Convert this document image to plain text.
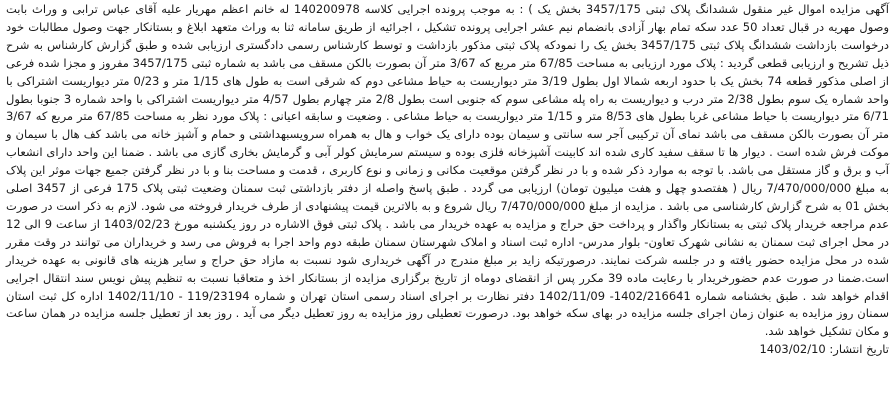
آگهی مزایده اموال غیر منقول ششدانگ پلاک ثبتی 3457/175 بخش یک ) : به موجب پرونده اجرایی کلاسه 140200978 له خانم اعظم مهریار علیه آقای عباس ترابی و وراث بابت وصول مهریه در قبال تعداد 50 عدد سکه تمام بهار آزادی بانضمام نیم عشر اجرایی پرونده تشکیل ، اجرائیه از طریق سامانه ثنا به وراث متعهد ابلاغ و بستانکار جهت وصول مطالبات خود درخواست بازداشت ششدانگ پلاک ثبتی 3457/175 بخش یک را نمودکه پلاک ثبتی مذکور بازداشت و توسط کارشناس رسمی دادگستری ارزیابی شده و طبق گزارش کارشناس به شرح ذیل تشریح و ارزیابی قطعی گردید : پلاک مورد ارزیابی به مساحت 67/85 متر مربع که 3/67 متر آن بصورت بالکن مسقف می باشد به شماره ثبتی 3457/175 مفروز و مجزا شده فرعی از اصلی مذکور قطعه 74 بخش یک با حدود اربعه شمالا اول بطول 3/19 متر دیواریست به حیاط مشاعی دوم که شرقی است به طول های 1/15 متر و 0/23 متر دیواریست اشتراکی با واحد شماره یک سوم بطول 2/38 متر درب و دیواریست به راه پله مشاعی سوم که جنوبی است بطول 2/8 متر چهارم بطول 4/57 متر دیواریست اشتراکی با واحد شماره 3 جنوبا بطول 6/71 متر دیواریست با حیاط مشاعی غربا بطول های 8/53 متر و 1/15 متر دیواریست به حیاط مشاعی . وضعیت و سابقه اعیانی : پلاک مورد نظر به مساحت 67/85 متر مربع که 3/67 متر آن بصورت بالکن مسقف می باشد نمای آن ترکیبی آجر سه سانتی و سیمان بوده دارای یک خواب و هال به همراه سرویسبهداشتی و حمام و آشپز خانه می باشد کف هال با سیمان و موکت فرش شده است . دیوار ها تا سقف سفید کاری شده اند کابینت آشپزخانه فلزی بوده و سیستم سرمایش کولر آبی و گرمایش بخاری گازی می باشد . ضمنا این واحد دارای انشعاب آب و برق و گاز مستقل می باشد. با توجه به موارد ذکر شده و با در نظر گرفتن موقعیت مکانی و زمانی و نوع کاربری ، قدمت و مساحت بنا و با در نظر گرفتن جمیع جهات موثر این پلاک به مبلغ 7/470/000/000 ریال ( هفتصدو چهل و هفت میلیون تومان) ارزیابی می گردد . طبق پاسخ واصله از دفتر بازداشتی ثبت سمنان وضعیت ثبتی پلاک 175 فرعی از 3457 اصلی بخش 01 به شرح گزارش کارشناسی می باشد . مزایده از مبلغ 7/470/000/000 ریال شروع و به بالاترین قیمت پیشنهادی از طرف خریدار فروخته می شود. لازم به ذکر است در صورت عدم مراجعه خریدار پلاک ثبتی به بستانکار واگذار و پرداخت حق حراج و مزایده به عهده خریدار می باشد . پلاک ثبتی فوق الاشاره در روز یکشنبه مورخ 1403/02/23 از ساعت 9 الی 12 در محل اجرای ثبت سمنان به نشانی شهرک تعاون- بلوار مدرس- اداره ثبت اسناد و املاک شهرستان سمنان طبقه دوم واحد اجرا به فروش می رسد و خریداران می توانند در وقت مقرر شده در محل مزایده حضور یافته و در جلسه شرکت نمایند. درصورتیکه زاید بر مبلغ مندرج در آگهی خریداری شود نسبت به مازاد حق حراج و سایر هزینه های قانونی به عهده خریدار است.ضمنا در صورت عدم حضورخریدار با رعایت ماده 39 مکرر پس از انقضای دوماه از تاریخ برگزاری مزایده از بستانکار اخذ و متعاقبا نسبت به تنظیم پیش نویس سند انتقال اجرایی اقدام خواهد شد . طبق بخشنامه شماره 1402/216641- 1402/11/09 دفتر نظارت بر اجرای اسناد رسمی استان تهران و شماره 119/23194 - 1402/11/10 اداره کل ثبت استان سمنان روز مزایده به عنوان زمان اجرای جلسه مزایده در بهای سکه خواهد بود. درصورت تعطیلی روز مزایده به روز تعطیل دیگر می آید . روز بعد از تعطیل جلسه مزایده در همان ساعت و مکان تشکیل خواهد شد.

تاریخ انتشار: 1403/02/10
